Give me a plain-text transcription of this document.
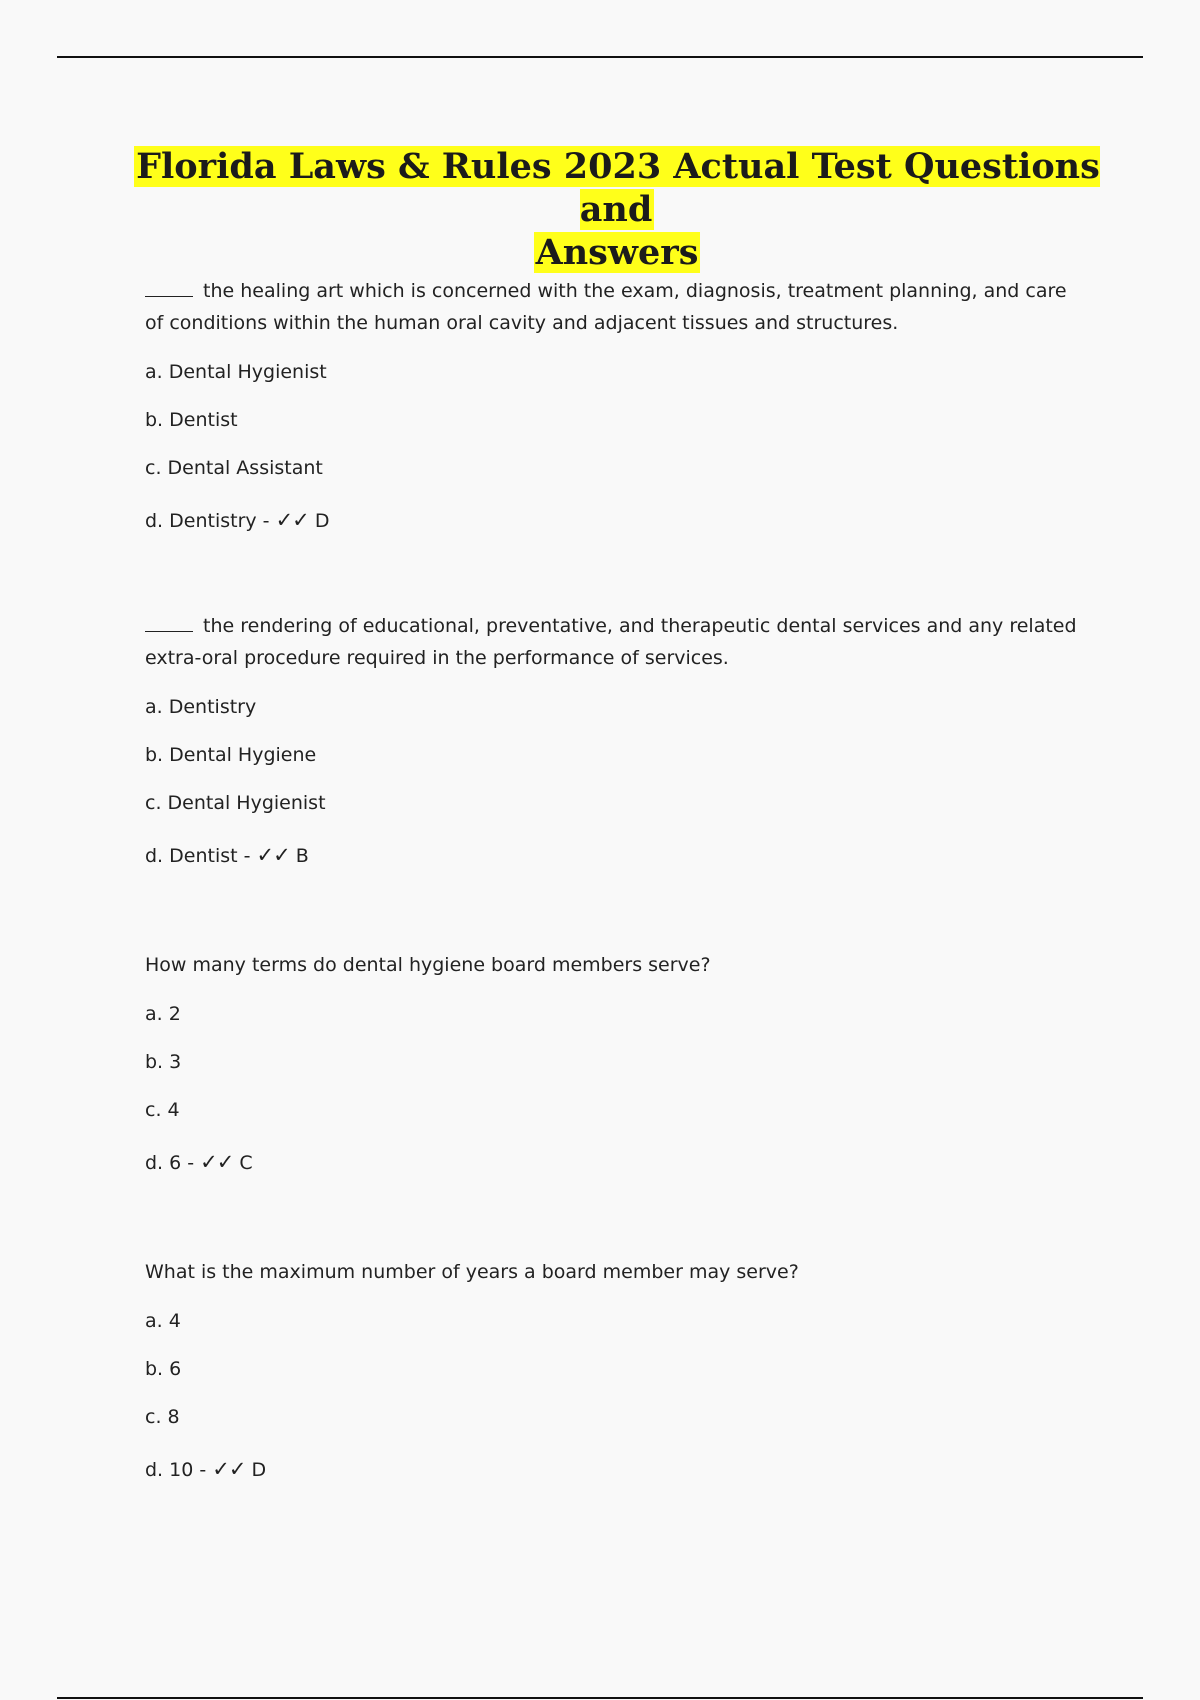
Florida Laws & Rules 2023 Actual Test Questions and
Answers

the healing art which is concerned with the exam, diagnosis, treatment planning, and care of conditions within the human oral cavity and adjacent tissues and structures.

a. Dental Hygienist

b. Dentist

c. Dental Assistant

d. Dentistry - ✓✓ D

the rendering of educational, preventative, and therapeutic dental services and any related extra-oral procedure required in the performance of services.

a. Dentistry

b. Dental Hygiene

c. Dental Hygienist

d. Dentist - ✓✓ B

How many terms do dental hygiene board members serve?

a. 2

b. 3

c. 4

d. 6 - ✓✓ C

What is the maximum number of years a board member may serve?

a. 4

b. 6

c. 8

d. 10 - ✓✓ D
